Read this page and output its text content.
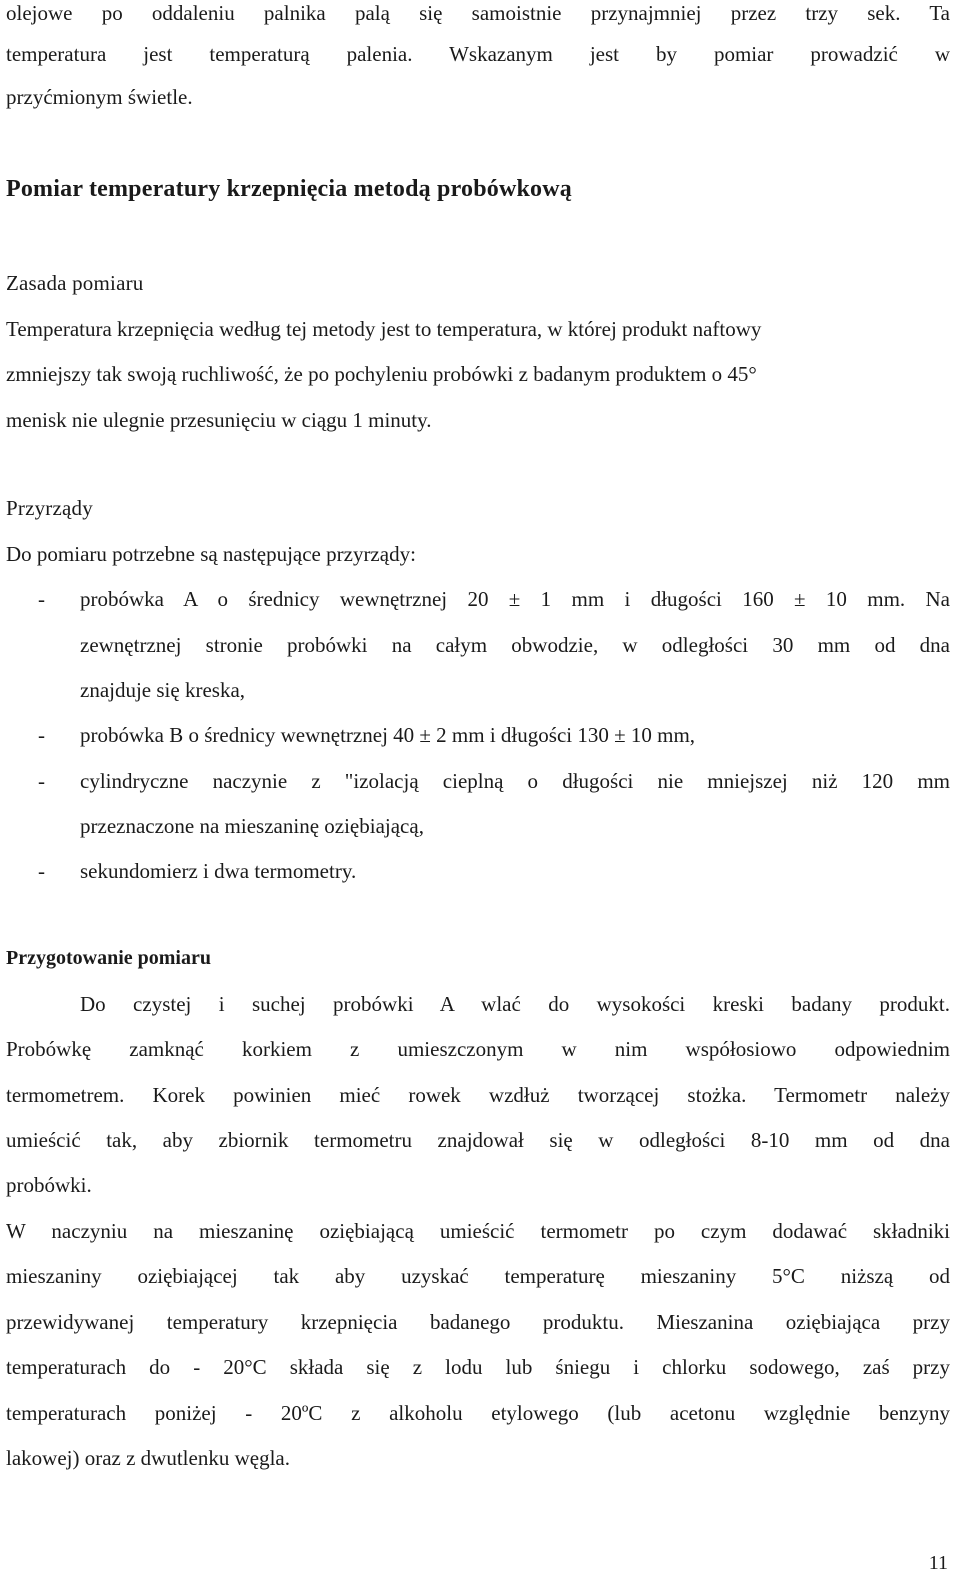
olejowe po oddaleniu palnika palą się samoistnie przynajmniej przez trzy sek. Ta
temperatura jest temperaturą palenia. Wskazanym jest by pomiar prowadzić w
przyćmionym świetle.
Pomiar temperatury krzepnięcia metodą probówkową
Zasada pomiaru
Temperatura krzepnięcia według tej metody jest to temperatura, w której produkt naftowy
zmniejszy tak swoją ruchliwość, że po pochyleniu probówki z badanym produktem o 45°
menisk nie ulegnie przesunięciu w ciągu 1 minuty.
Przyrządy
Do pomiaru potrzebne są następujące przyrządy:
- probówka A o średnicy wewnętrznej 20 ± 1 mm i długości 160 ± 10 mm. Na
zewnętrznej stronie probówki na całym obwodzie, w odległości 30 mm od dna
znajduje się kreska,
- probówka B o średnicy wewnętrznej 40 ± 2 mm i długości 130 ± 10 mm,
- cylindryczne naczynie z "izolacją cieplną o długości nie mniejszej niż 120 mm
przeznaczone na mieszaninę oziębiającą,
- sekundomierz i dwa termometry.
Przygotowanie pomiaru
Do czystej i suchej probówki A wlać do wysokości kreski badany produkt.
Probówkę zamknąć korkiem z umieszczonym w nim współosiowo odpowiednim
termometrem. Korek powinien mieć rowek wzdłuż tworzącej stożka. Termometr należy
umieścić tak, aby zbiornik termometru znajdował się w odległości 8-10 mm od dna
probówki.
W naczyniu na mieszaninę oziębiającą umieścić termometr po czym dodawać składniki
mieszaniny oziębiającej tak aby uzyskać temperaturę mieszaniny 5°C niższą od
przewidywanej temperatury krzepnięcia badanego produktu. Mieszanina oziębiająca przy
temperaturach do - 20°C składa się z lodu lub śniegu i chlorku sodowego, zaś przy
temperaturach poniżej - 20ºC z alkoholu etylowego (lub acetonu względnie benzyny
lakowej) oraz z dwutlenku węgla.
11
